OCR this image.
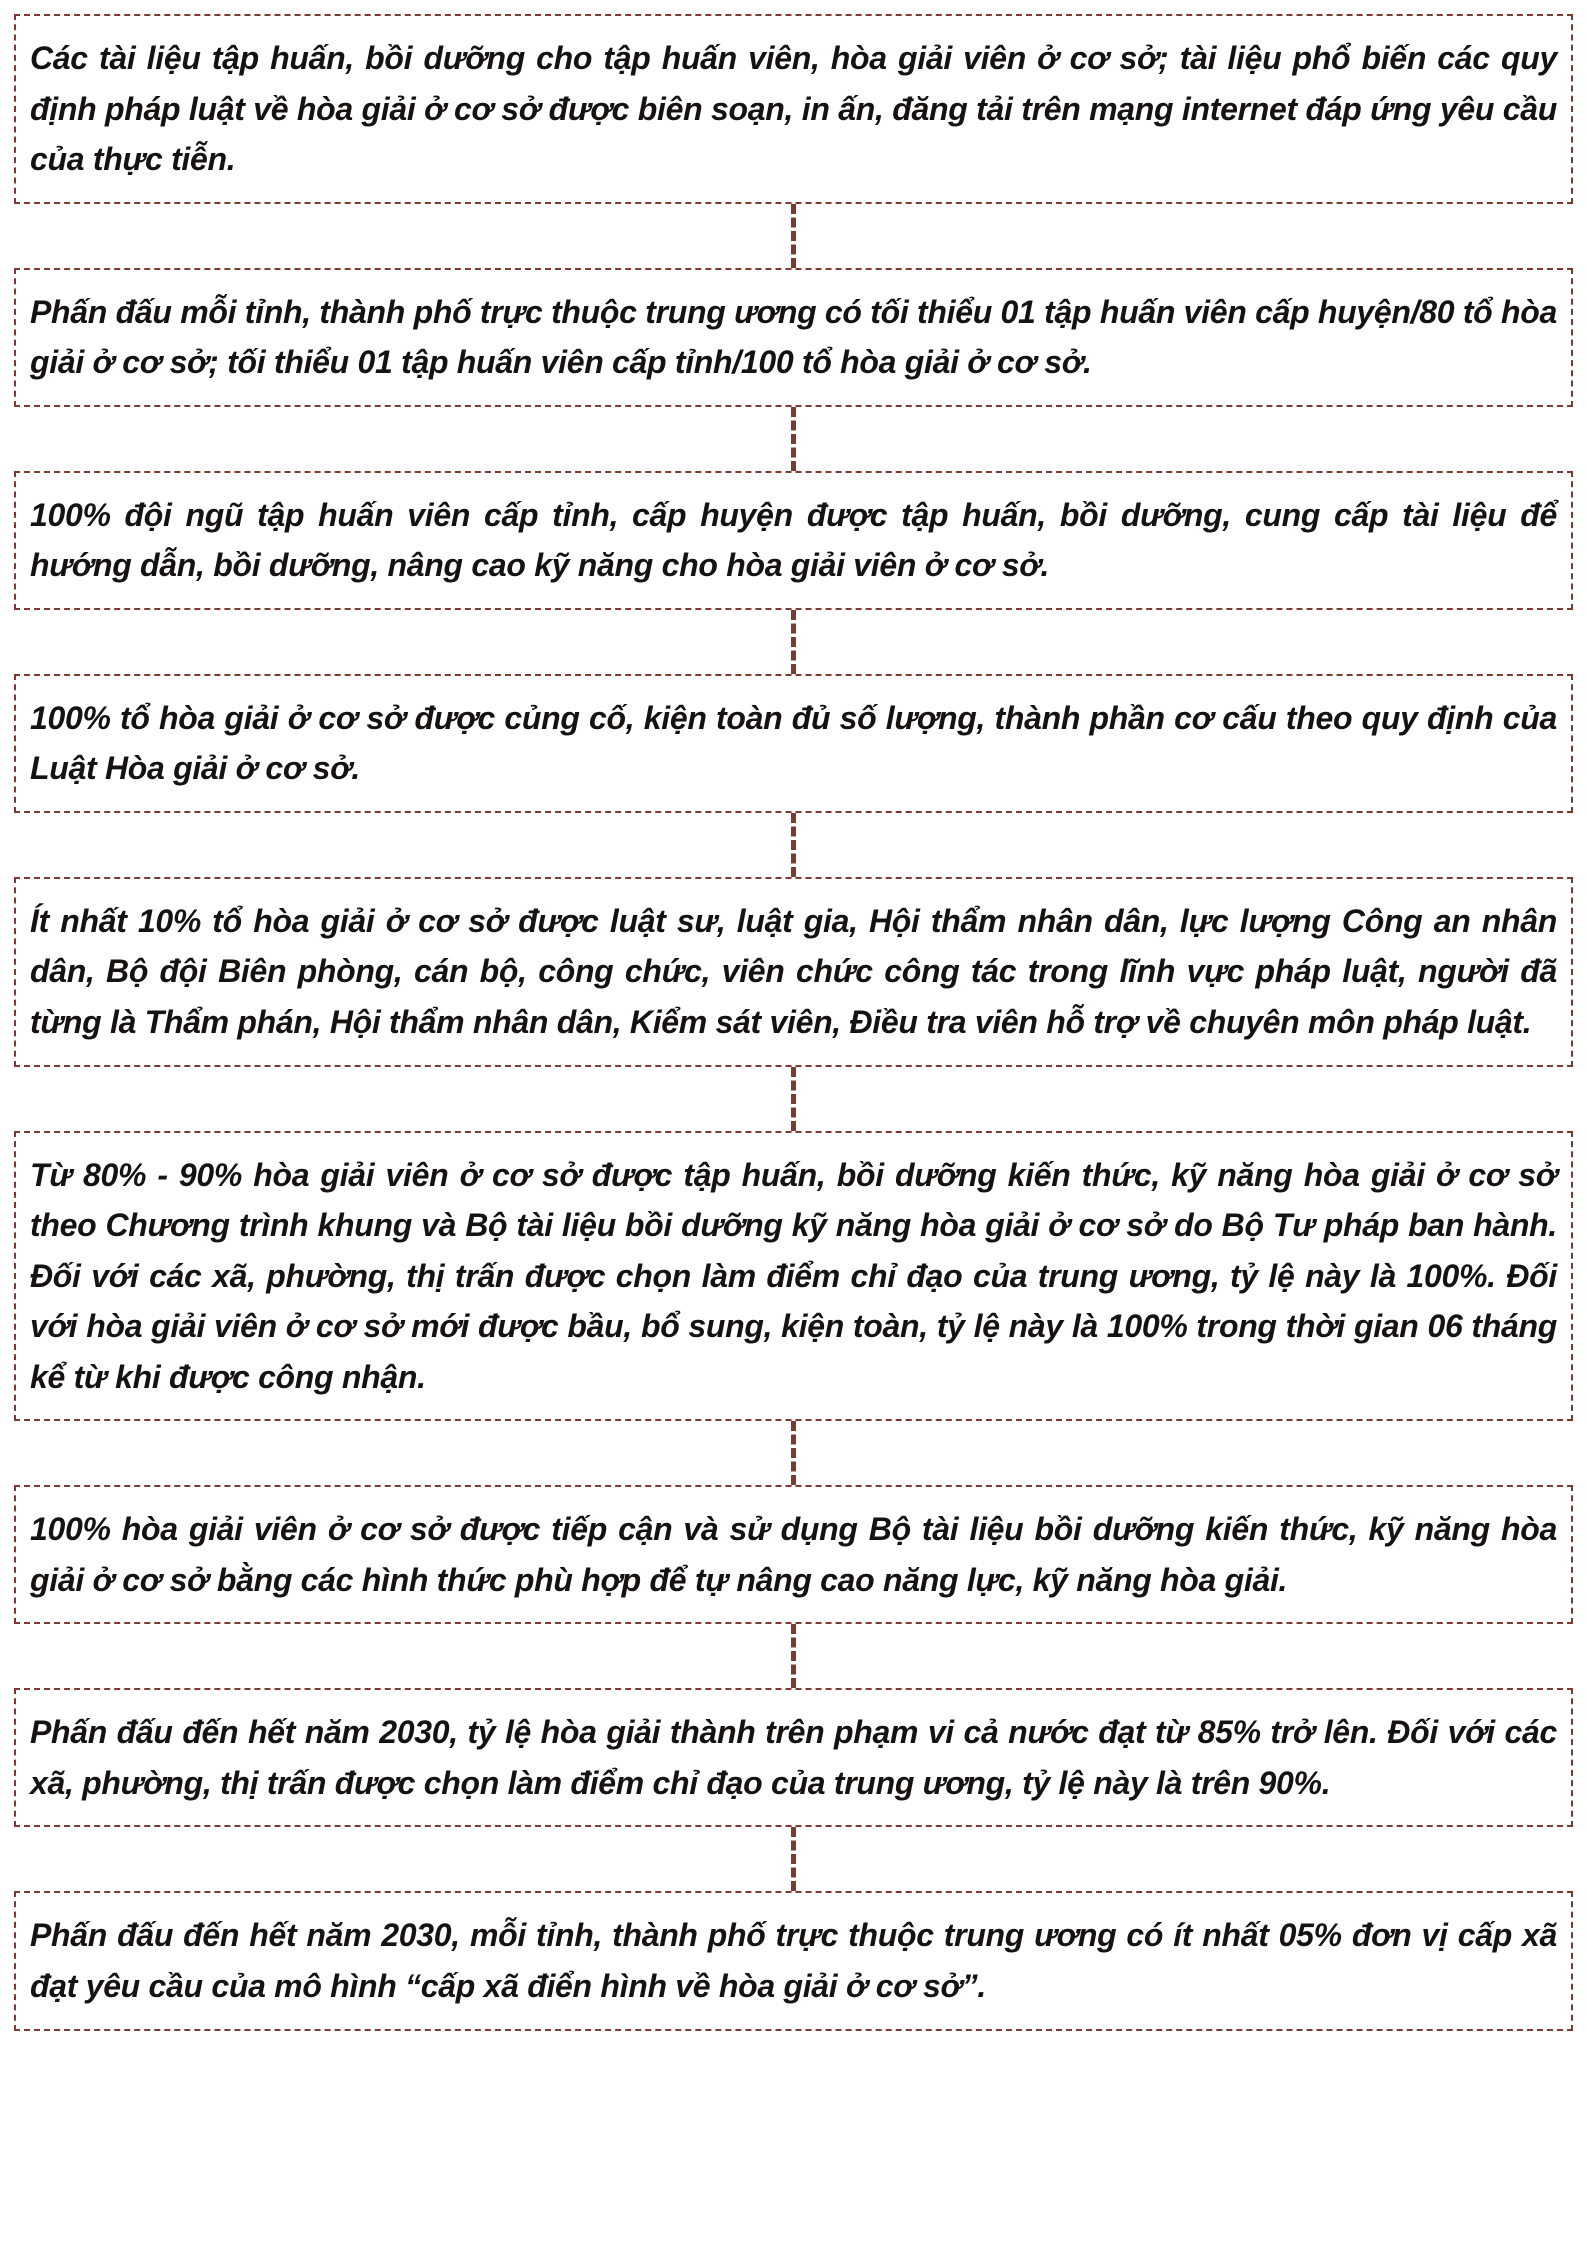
Các tài liệu tập huấn, bồi dưỡng cho tập huấn viên, hòa giải viên ở cơ sở; tài liệu phổ biến các quy định pháp luật về hòa giải ở cơ sở được biên soạn, in ấn, đăng tải trên mạng internet đáp ứng yêu cầu của thực tiễn.
Phấn đấu mỗi tỉnh, thành phố trực thuộc trung ương có tối thiểu 01 tập huấn viên cấp huyện/80 tổ hòa giải ở cơ sở; tối thiểu 01 tập huấn viên cấp tỉnh/100 tổ hòa giải ở cơ sở.
100% đội ngũ tập huấn viên cấp tỉnh, cấp huyện được tập huấn, bồi dưỡng, cung cấp tài liệu để hướng dẫn, bồi dưỡng, nâng cao kỹ năng cho hòa giải viên ở cơ sở.
100% tổ hòa giải ở cơ sở được củng cố, kiện toàn đủ số lượng, thành phần cơ cấu theo quy định của Luật Hòa giải ở cơ sở.
Ít nhất 10% tổ hòa giải ở cơ sở được luật sư, luật gia, Hội thẩm nhân dân, lực lượng Công an nhân dân, Bộ đội Biên phòng, cán bộ, công chức, viên chức công tác trong lĩnh vực pháp luật, người đã từng là Thẩm phán, Hội thẩm nhân dân, Kiểm sát viên, Điều tra viên hỗ trợ về chuyên môn pháp luật.
Từ 80% - 90% hòa giải viên ở cơ sở được tập huấn, bồi dưỡng kiến thức, kỹ năng hòa giải ở cơ sở theo Chương trình khung và Bộ tài liệu bồi dưỡng kỹ năng hòa giải ở cơ sở do Bộ Tư pháp ban hành. Đối với các xã, phường, thị trấn được chọn làm điểm chỉ đạo của trung ương, tỷ lệ này là 100%. Đối với hòa giải viên ở cơ sở mới được bầu, bổ sung, kiện toàn, tỷ lệ này là 100% trong thời gian 06 tháng kể từ khi được công nhận.
100% hòa giải viên ở cơ sở được tiếp cận và sử dụng Bộ tài liệu bồi dưỡng kiến thức, kỹ năng hòa giải ở cơ sở bằng các hình thức phù hợp để tự nâng cao năng lực, kỹ năng hòa giải.
Phấn đấu đến hết năm 2030, tỷ lệ hòa giải thành trên phạm vi cả nước đạt từ 85% trở lên. Đối với các xã, phường, thị trấn được chọn làm điểm chỉ đạo của trung ương, tỷ lệ này là trên 90%.
Phấn đấu đến hết năm 2030, mỗi tỉnh, thành phố trực thuộc trung ương có ít nhất 05% đơn vị cấp xã đạt yêu cầu của mô hình “cấp xã điển hình về hòa giải ở cơ sở”.
